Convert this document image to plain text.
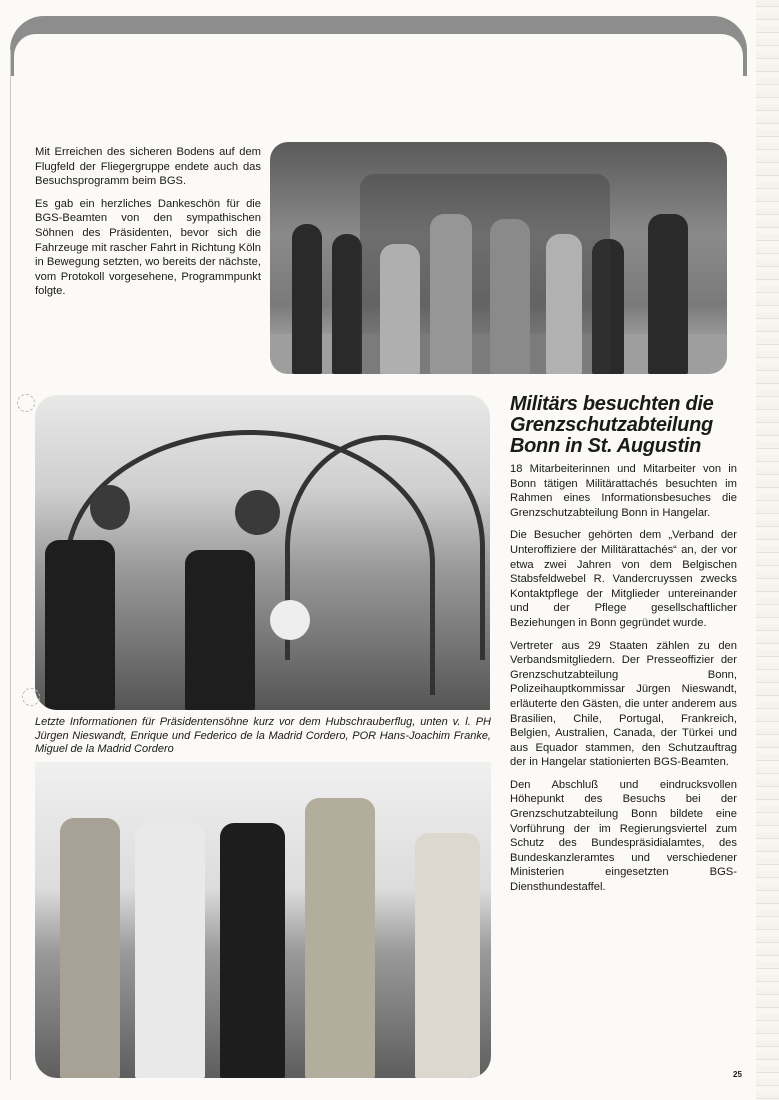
Mit Erreichen des sicheren Bodens auf dem Flugfeld der Fliegergruppe endete auch das Besuchsprogramm beim BGS.

Es gab ein herzliches Dankeschön für die BGS-Beamten von den sympathischen Söhnen des Präsidenten, bevor sich die Fahrzeuge mit rascher Fahrt in Richtung Köln in Bewegung setzten, wo bereits der nächste, vom Protokoll vorgesehene, Programmpunkt folgte.

Letzte Informationen für Präsidentensöhne kurz vor dem Hubschrauberflug, unten v. l. PH Jürgen Nieswandt, Enrique und Federico de la Madrid Cordero, POR Hans-Joachim Franke, Miguel de la Madrid Cordero
Militärs besuchten die Grenzschutzabteilung Bonn in St. Augustin

18 Mitarbeiterinnen und Mitarbeiter von in Bonn tätigen Militärattachés besuchten im Rahmen eines Informationsbesuches die Grenzschutzabteilung Bonn in Hangelar.

Die Besucher gehörten dem „Verband der Unteroffiziere der Militärattachés“ an, der vor etwa zwei Jahren von dem Belgischen Stabsfeldwebel R. Vandercruyssen zwecks Kontaktpflege der Mitglieder untereinander und der Pflege gesellschaftlicher Beziehungen in Bonn gegründet wurde.

Vertreter aus 29 Staaten zählen zu den Verbandsmitgliedern. Der Presseoffizier der Grenzschutzabteilung Bonn, Polizeihauptkommissar Jürgen Nieswandt, erläuterte den Gästen, die unter anderem aus Brasilien, Chile, Portugal, Frankreich, Belgien, Australien, Canada, der Türkei und aus Equador stammen, den Schutzauftrag der in Hangelar stationierten BGS-Beamten.

Den Abschluß und eindrucksvollen Höhepunkt des Besuchs bei der Grenzschutzabteilung Bonn bildete eine Vorführung der im Regierungsviertel zum Schutz des Bundespräsidialamtes, des Bundeskanzleramtes und verschiedener Ministerien eingesetzten BGS-Diensthundestaffel.

25
